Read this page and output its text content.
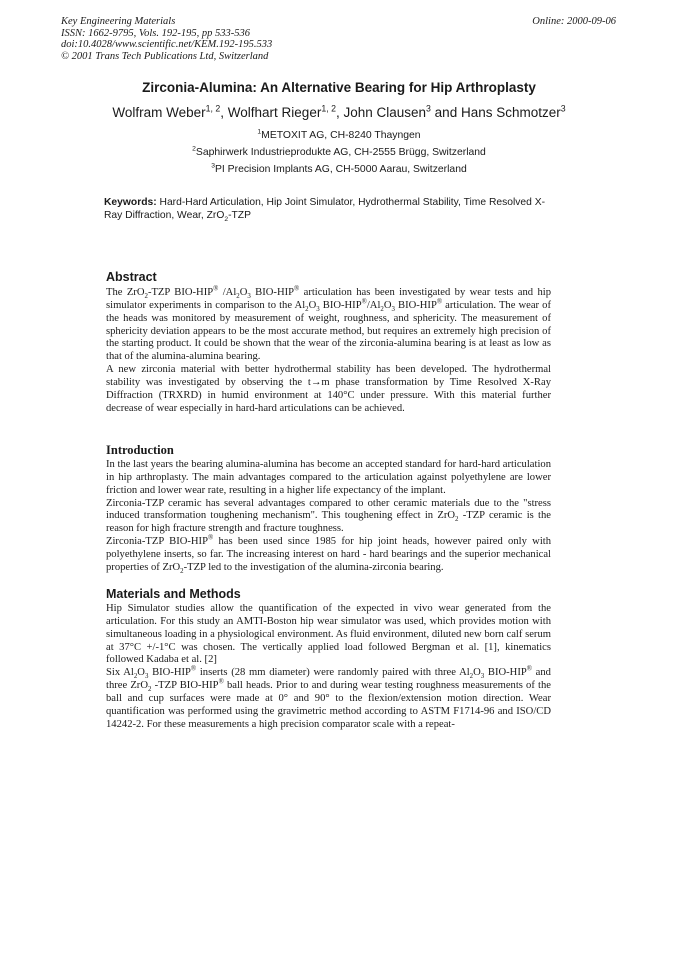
Key Engineering Materials
ISSN: 1662-9795, Vols. 192-195, pp 533-536
doi:10.4028/www.scientific.net/KEM.192-195.533
© 2001 Trans Tech Publications Ltd, Switzerland
Online: 2000-09-06
Zirconia-Alumina: An Alternative Bearing for Hip Arthroplasty
Wolfram Weber$^{1, 2}$, Wolfhart Rieger$^{1, 2}$, John Clausen$^3$ and Hans Schmotzer$^3$
$^1$METOXIT AG, CH-8240 Thayngen
$^2$Saphirwerk Industrieprodukte AG, CH-2555 Brügg, Switzerland
$^3$PI Precision Implants AG, CH-5000 Aarau, Switzerland
Keywords: Hard-Hard Articulation, Hip Joint Simulator, Hydrothermal Stability, Time Resolved X-Ray Diffraction, Wear, ZrO$_2$-TZP
Abstract

The ZrO$_2$-TZP BIO-HIP® $/Al_2O_3$ BIO-HIP® articulation has been investigated by wear tests and hip simulator experiments in comparison to the $Al_2O_3$ BIO-$HIP®/Al_2O_3$ BIO-HIP® articulation. The wear of the heads was monitored by measurement of weight, roughness, and sphericity. The measurement of sphericity deviation appears to be the most accurate method, but requires an extremely high precision of the starting product. It could be shown that the wear of the zirconia-alumina bearing is at least as low as that of the alumina-alumina bearing.

A new zirconia material with better hydrothermal stability has been developed. The hydrothermal stability was investigated by observing the t→m phase transformation by Time Resolved X-Ray Diffraction (TRXRD) in humid environment at 140°C under pressure. With this material further decrease of wear especially in hard-hard articulations can be achieved.

Introduction

In the last years the bearing alumina-alumina has become an accepted standard for hard-hard articulation in hip arthroplasty. The main advantages compared to the articulation against polyethylene are lower friction and lower wear rate, resulting in a higher life expectancy of the implant.

Zirconia-TZP ceramic has several advantages compared to other ceramic materials due to the "stress induced transformation toughening mechanism". This toughening effect in ZrO$_2$ -TZP ceramic is the reason for high fracture strength and fracture toughness.

Zirconia-TZP BIO-HIP® has been used since 1985 for hip joint heads, however paired only with polyethylene inserts, so far. The increasing interest on hard - hard bearings and the superior mechanical properties of ZrO$_2$-TZP led to the investigation of the alumina-zirconia bearing.

Materials and Methods

Hip Simulator studies allow the quantification of the expected in vivo wear generated from the articulation. For this study an AMTI-Boston hip wear simulator was used, which provides motion with simultaneous loading in a physiological environment. As fluid environment, diluted new born calf serum at 37°C +/-1°C was chosen. The vertically applied load followed Bergman et al. [1], kinematics followed Kadaba et al. [2]

Six $Al_2O_3$ BIO-HIP® inserts (28 mm diameter) were randomly paired with three $Al_2O_3$ BIO-HIP® and three ZrO$_2$ -TZP BIO-HIP® ball heads. Prior to and during wear testing roughness measurements of the ball and cup surfaces were made at 0° and 90° to the flexion/extension motion direction. Wear quantification was performed using the gravimetric method according to ASTM F1714-96 and ISO/CD 14242-2. For these measurements a high precision comparator scale with a repeat-
